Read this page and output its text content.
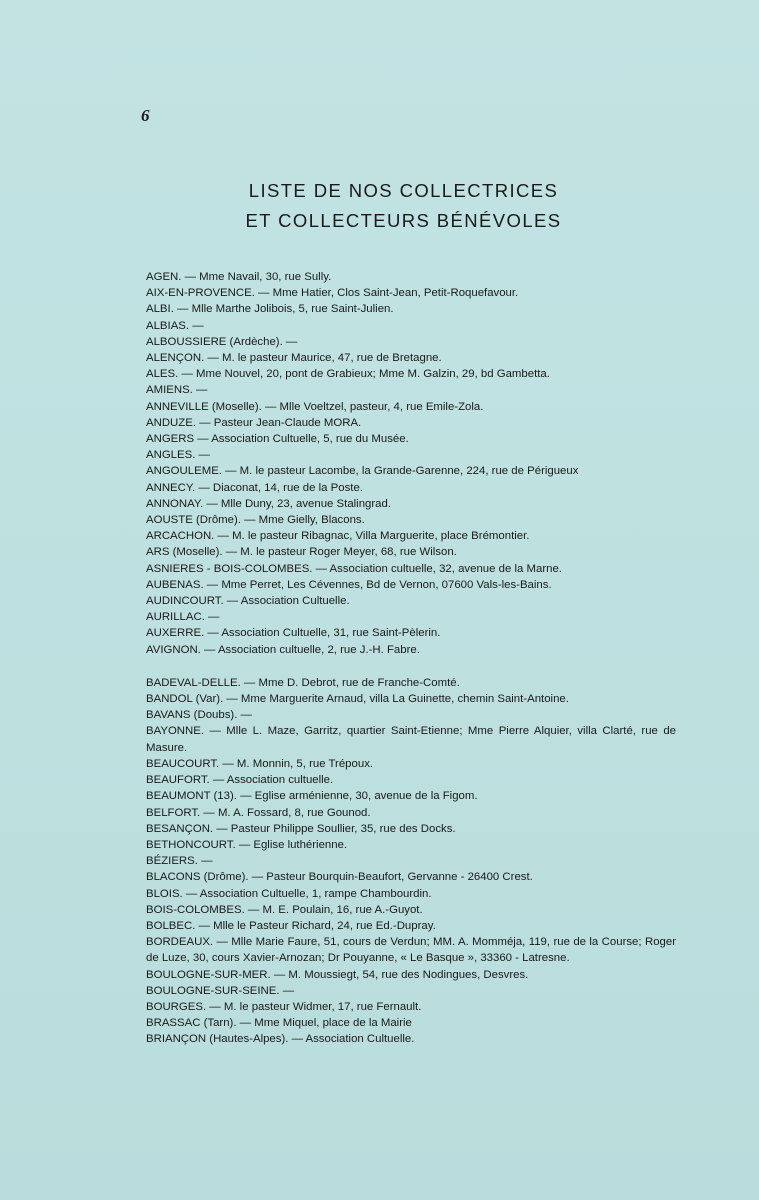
6
LISTE DE NOS COLLECTRICES
ET COLLECTEURS BÉNÉVOLES
AGEN. — Mme Navail, 30, rue Sully.
AIX-EN-PROVENCE. — Mme Hatier, Clos Saint-Jean, Petit-Roquefavour.
ALBI. — Mlle Marthe Jolibois, 5, rue Saint-Julien.
ALBIAS. —
ALBOUSSIERE (Ardèche). —
ALENÇON. — M. le pasteur Maurice, 47, rue de Bretagne.
ALES. — Mme Nouvel, 20, pont de Grabieux; Mme M. Galzin, 29, bd Gambetta.
AMIENS. —
ANNEVILLE (Moselle). — Mlle Voeltzel, pasteur, 4, rue Emile-Zola.
ANDUZE. — Pasteur Jean-Claude MORA.
ANGERS — Association Cultuelle, 5, rue du Musée.
ANGLES. —
ANGOULEME. — M. le pasteur Lacombe, la Grande-Garenne, 224, rue de Périgueux
ANNECY. — Diaconat, 14, rue de la Poste.
ANNONAY. — Mlle Duny, 23, avenue Stalingrad.
AOUSTE (Drôme). — Mme Gielly, Blacons.
ARCACHON. — M. le pasteur Ribagnac, Villa Marguerite, place Brémontier.
ARS (Moselle). — M. le pasteur Roger Meyer, 68, rue Wilson.
ASNIERES - BOIS-COLOMBES. — Association cultuelle, 32, avenue de la Marne.
AUBENAS. — Mme Perret, Les Cévennes, Bd de Vernon, 07600 Vals-les-Bains.
AUDINCOURT. — Association Cultuelle.
AURILLAC. —
AUXERRE. — Association Cultuelle, 31, rue Saint-Pèlerin.
AVIGNON. — Association cultuelle, 2, rue J.-H. Fabre.
BADEVAL-DELLE. — Mme D. Debrot, rue de Franche-Comté.
BANDOL (Var). — Mme Marguerite Arnaud, villa La Guinette, chemin Saint-Antoine.
BAVANS (Doubs). —
BAYONNE. — Mlle L. Maze, Garritz, quartier Saint-Etienne; Mme Pierre Alquier, villa Clarté, rue de Masure.
BEAUCOURT. — M. Monnin, 5, rue Trépoux.
BEAUFORT. — Association cultuelle.
BEAUMONT (13). — Eglise arménienne, 30, avenue de la Figom.
BELFORT. — M. A. Fossard, 8, rue Gounod.
BESANÇON. — Pasteur Philippe Soullier, 35, rue des Docks.
BETHONCOURT. — Eglise luthérienne.
BÉZIERS. —
BLACONS (Drôme). — Pasteur Bourquin-Beaufort, Gervanne - 26400 Crest.
BLOIS. — Association Cultuelle, 1, rampe Chambourdin.
BOIS-COLOMBES. — M. E. Poulain, 16, rue A.-Guyot.
BOLBEC. — Mlle le Pasteur Richard, 24, rue Ed.-Dupray.
BORDEAUX. — Mlle Marie Faure, 51, cours de Verdun; MM. A. Momméja, 119, rue de la Course; Roger de Luze, 30, cours Xavier-Arnozan; Dr Pouyanne, « Le Basque », 33360 - Latresne.
BOULOGNE-SUR-MER. — M. Moussiegt, 54, rue des Nodingues, Desvres.
BOULOGNE-SUR-SEINE. —
BOURGES. — M. le pasteur Widmer, 17, rue Fernault.
BRASSAC (Tarn). — Mme Miquel, place de la Mairie
BRIANÇON (Hautes-Alpes). — Association Cultuelle.
